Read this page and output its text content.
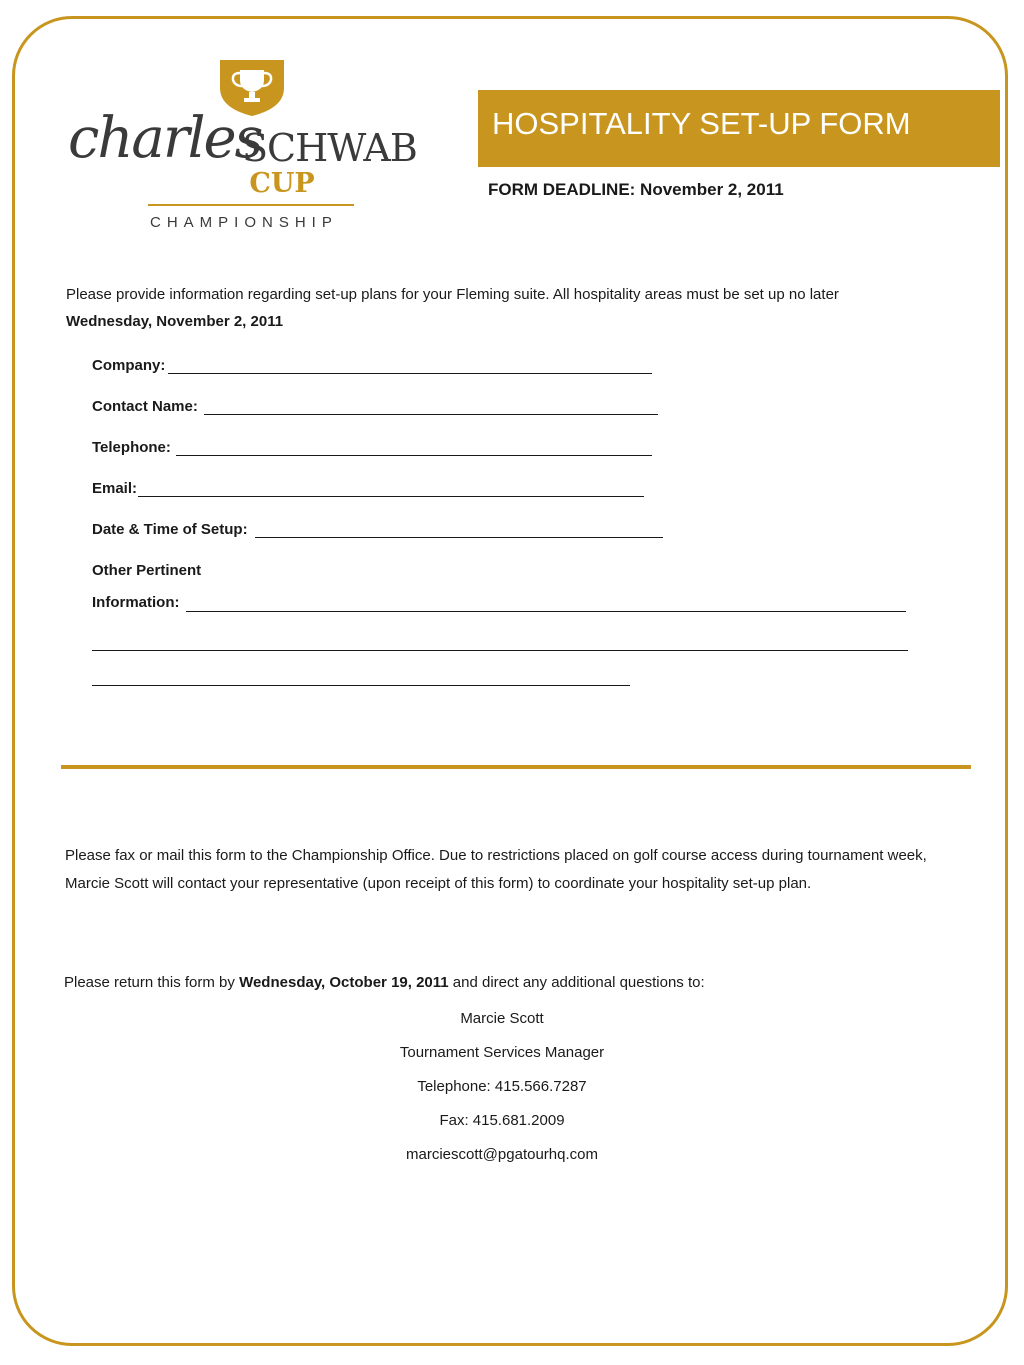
charles
SCHWAB
CUP
CHAMPIONSHIP
HOSPITALITY SET-UP FORM
FORM DEADLINE: November 2, 2011
Please provide information regarding set-up plans for your Fleming suite. All hospitality areas must be set up no later
Wednesday, November 2, 2011
Company:
Contact Name:
Telephone:
Email:
Date & Time of Setup:
Other Pertinent
Information:
Please fax or mail this form to the Championship Office. Due to restrictions placed on golf course access during tournament week, Marcie Scott will contact your representative (upon receipt of this form) to coordinate your hospitality set-up plan.
Please return this form by Wednesday, October 19, 2011 and direct any additional questions to:
Marcie Scott
Tournament Services Manager
Telephone: 415.566.7287
Fax: 415.681.2009
marciescott@pgatourhq.com
